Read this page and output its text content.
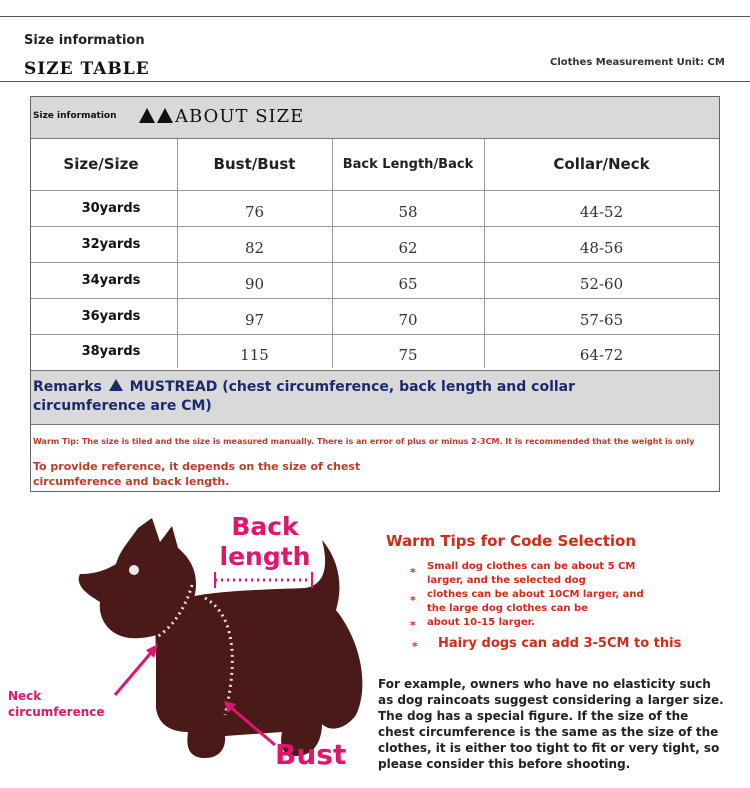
Size information
SIZE TABLE	Clothes Measurement Unit: CM
Size information	ABOUT SIZE
Size/Size	Bust/Bust	Back Length/Back	Collar/Neck
30yards	76	58	44-52
32yards	82	62	48-56
34yards	90	65	52-60
36yards	97	70	57-65
38yards	115	75	64-72
Remarks MUSTREAD (chest circumference, back length and collar circumference are CM)
Warm Tip: The size is tiled and the size is measured manually. There is an error of plus or minus 2-3CM. It is recommended that the weight is only
To provide reference, it depends on the size of chest circumference and back length.
Back length
Neck circumference
Bust
Warm Tips for Code Selection
* Small dog clothes can be about 5 CM larger, and the selected dog
* clothes can be about 10CM larger, and the large dog clothes can be
* about 10-15 larger.
* Hairy dogs can add 3-5CM to this
For example, owners who have no elasticity such as dog raincoats suggest considering a larger size. The dog has a special figure. If the size of the chest circumference is the same as the size of the clothes, it is either too tight to fit or very tight, so please consider this before shooting.
